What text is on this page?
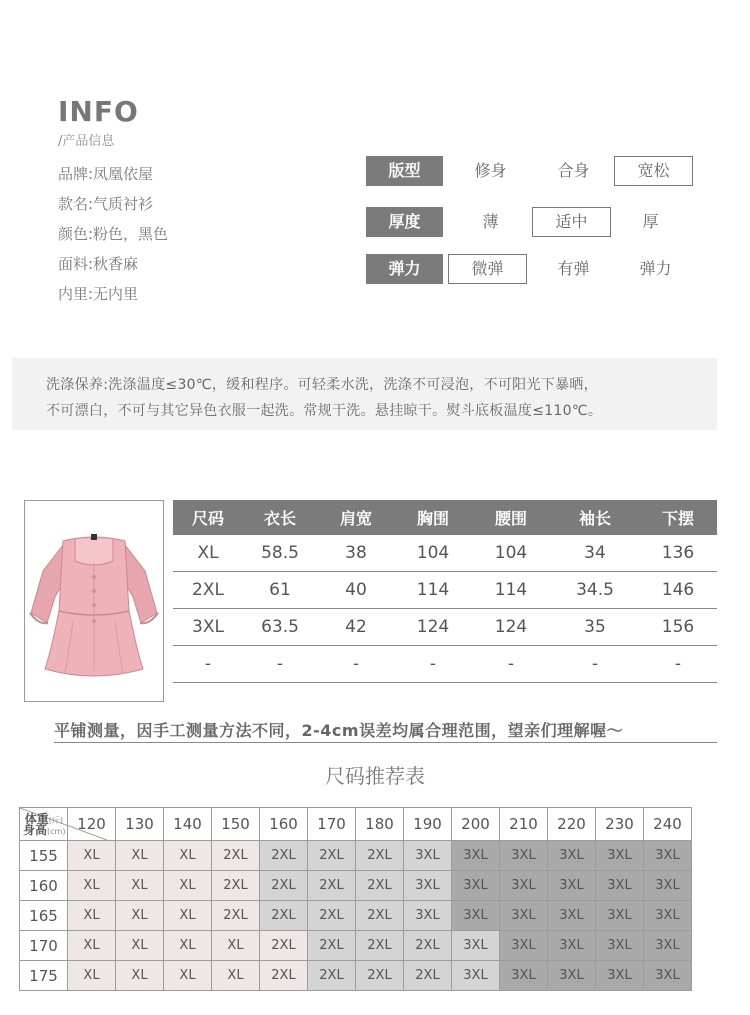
INFO
/产品信息
品牌:凤凰依屋
款名:气质衬衫
颜色:粉色，黑色
面料:秋香麻
内里:无内里
版型	修身	合身	宽松
厚度	薄	适中	厚
弹力	微弹	有弹	弹力
洗涤保养:洗涤温度≤30℃，缓和程序。可轻柔水洗，洗涤不可浸泡，不可阳光下暴晒，
不可漂白，不可与其它异色衣服一起洗。常规干洗。悬挂晾干。熨斗底板温度≤110℃。
尺码	衣长	肩宽	胸围	腰围	袖长	下摆
XL	58.5	38	104	104	34	136
2XL	61	40	114	114	34.5	146
3XL	63.5	42	124	124	35	156
-	-	-	-	-	-	-
平铺测量，因手工测量方法不同，2-4cm误差均属合理范围，望亲们理解喔～
尺码推荐表
体重(斤)
身高(cm)	120	130	140	150	160	170	180	190	200	210	220	230	240
155	XL	XL	XL	2XL	2XL	2XL	2XL	3XL	3XL	3XL	3XL	3XL	3XL
160	XL	XL	XL	2XL	2XL	2XL	2XL	3XL	3XL	3XL	3XL	3XL	3XL
165	XL	XL	XL	2XL	2XL	2XL	2XL	3XL	3XL	3XL	3XL	3XL	3XL
170	XL	XL	XL	XL	2XL	2XL	2XL	2XL	3XL	3XL	3XL	3XL	3XL
175	XL	XL	XL	XL	2XL	2XL	2XL	2XL	3XL	3XL	3XL	3XL	3XL
